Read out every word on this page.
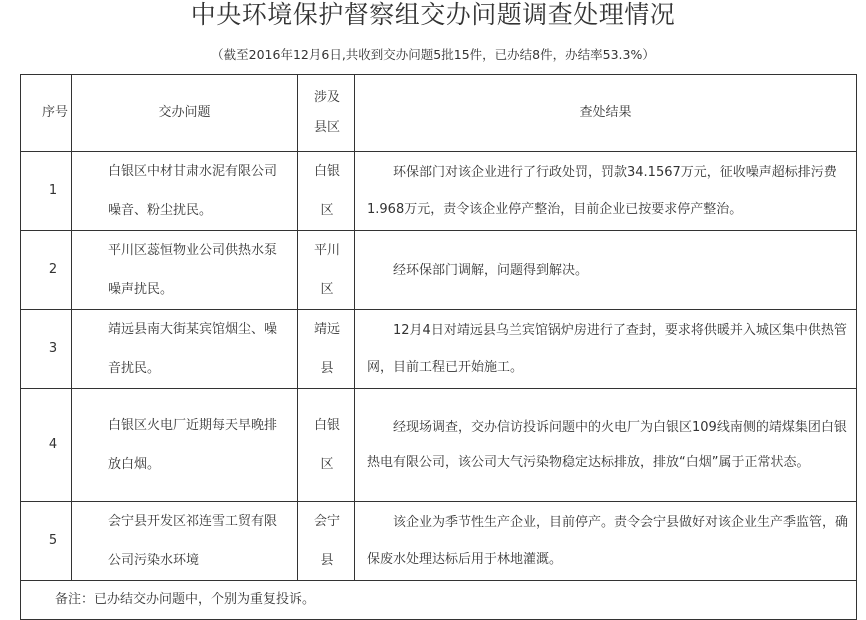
中央环境保护督察组交办问题调查处理情况
（截至2016年12月6日,共收到交办问题5批15件，已办结8件，办结率53.3%）
序号	交办问题	涉及县区	查处结果
1	白银区中材甘肃水泥有限公司噪音、粉尘扰民。	白银区	环保部门对该企业进行了行政处罚，罚款34.1567万元，征收噪声超标排污费1.968万元，责令该企业停产整治，目前企业已按要求停产整治。
2	平川区蕊恒物业公司供热水泵噪声扰民。	平川区	经环保部门调解，问题得到解决。
3	靖远县南大街某宾馆烟尘、噪音扰民。	靖远县	12月4日对靖远县乌兰宾馆锅炉房进行了查封，要求将供暖并入城区集中供热管网，目前工程已开始施工。
4	白银区火电厂近期每天早晚排放白烟。	白银区	经现场调查，交办信访投诉问题中的火电厂为白银区109线南侧的靖煤集团白银热电有限公司，该公司大气污染物稳定达标排放，排放“白烟”属于正常状态。
5	会宁县开发区祁连雪工贸有限公司污染水环境	会宁县	该企业为季节性生产企业，目前停产。责令会宁县做好对该企业生产季监管，确保废水处理达标后用于林地灌溉。
备注：已办结交办问题中，个别为重复投诉。			
